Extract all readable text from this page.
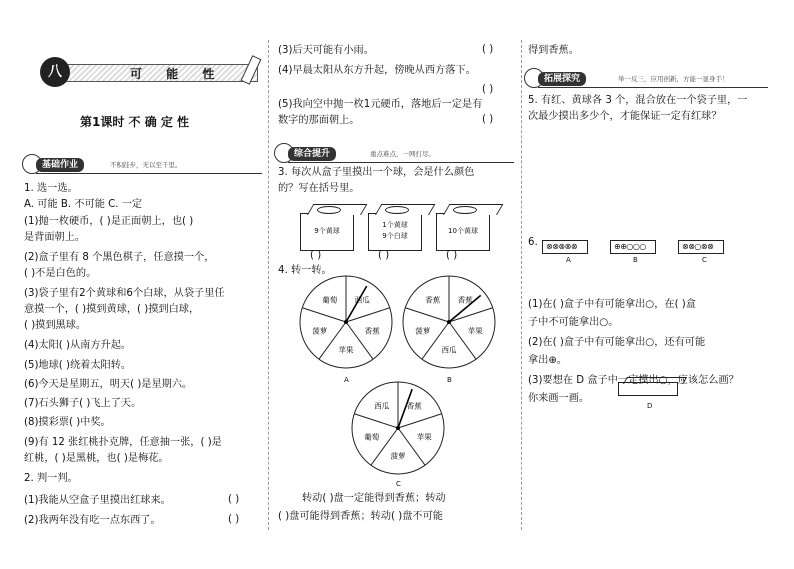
八	可 能 性
第1课时 不 确 定 性
基础作业	不积跬步，无以至千里。
1. 选一选。
A. 可能 B. 不可能 C. 一定
(1)抛一枚硬币，( )是正面朝上，也( )
是背面朝上。
(2)盒子里有 8 个黑色棋子，任意摸一个，
( )不是白色的。
(3)袋子里有2个黄球和6个白球，从袋子里任
意摸一个，( )摸到黄球，( )摸到白球，
( )摸到黑球。
(4)太阳( )从南方升起。
(5)地球( )绕着太阳转。
(6)今天是星期五，明天( )是星期六。
(7)石头狮子( )飞上了天。
(8)摸彩票( )中奖。
(9)有 12 张红桃扑克牌，任意抽一张，( )是
红桃，( )是黑桃，也( )是梅花。
2. 判一判。
(1)我能从空盒子里摸出红球来。
(2)我两年没有吃一点东西了。
( )
( )
(3)后天可能有小雨。	( )
(4)早晨太阳从东方升起，傍晚从西方落下。
( )
(5)我向空中抛一枚1元硬币，落地后一定是有
数字的那面朝上。	( )
综合提升	重点难点，一网打尽。
3. 每次从盒子里摸出一个球，会是什么颜色
的？写在括号里。
9个黄球
1个黄球
9个白球
10个黄球
( )	( )	( )
4. 转一转。
西瓜
香蕉
苹果
菠萝
葡萄	香蕉
苹果
西瓜
菠萝
香蕉
香蕉
苹果
菠萝
葡萄
西瓜
A	B
C
转动( )盘一定能得到香蕉；转动
( )盘可能得到香蕉；转动( )盘不可能
得到香蕉。
拓展探究	举一反三，应用创新，方能一显身手！
5. 有红、黄球各 3 个，混合放在一个袋子里，一
次最少摸出多少个，才能保证一定有红球？
6. ⊗⊗⊗⊗⊗	⊕⊕○○○	⊗⊗○⊗⊗
A	B	C
(1)在( )盒子中有可能拿出○，在( )盒
子中不可能拿出○。
(2)在( )盒子中有可能拿出○，还有可能
拿出⊕。
(3)要想在 D 盒子中一定摸出○，应该怎么画？
你来画一画。
D
